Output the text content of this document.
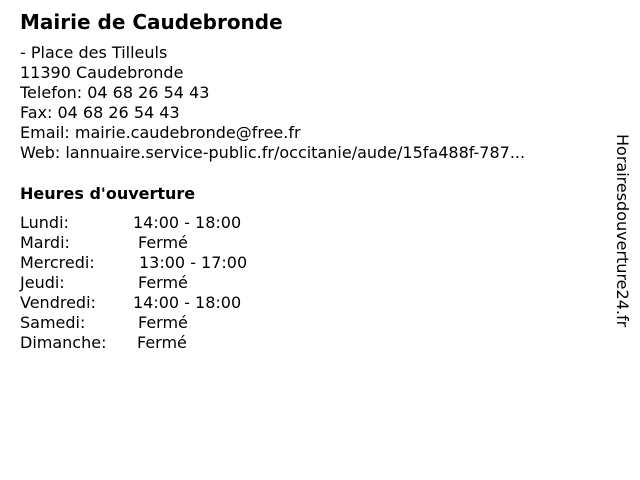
Mairie de Caudebronde
- Place des Tilleuls
11390 Caudebronde
Telefon: 04 68 26 54 43
Fax: 04 68 26 54 43
Email: mairie.caudebronde@free.fr
Web: lannuaire.service-public.fr/occitanie/aude/15fa488f-787...
Heures d'ouverture
Lundi:	14:00 - 18:00
Mardi:	Fermé
Mercredi:	13:00 - 17:00
Jeudi:	Fermé
Vendredi:	14:00 - 18:00
Samedi:	Fermé
Dimanche:	Fermé
Horairesdouverture24.fr
